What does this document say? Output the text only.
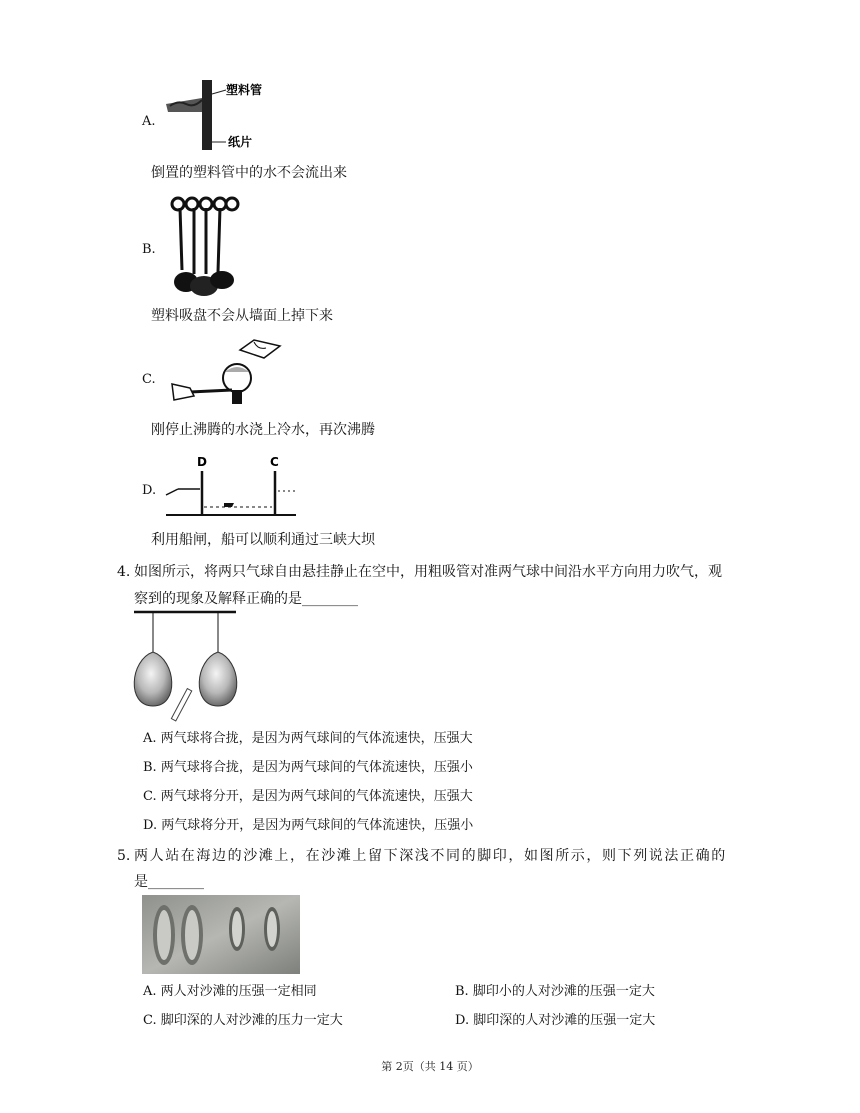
A.
塑料管
纸片
倒置的塑料管中的水不会流出来
B.
塑料吸盘不会从墙面上掉下来
C.
刚停止沸腾的水浇上冷水，再次沸腾
D.
D	C
利用船闸，船可以顺利通过三峡大坝
4. 如图所示，将两只气球自由悬挂静止在空中，用粗吸管对准两气球中间沿水平方向用力吹气，观
察到的现象及解释正确的是________
A. 两气球将合拢，是因为两气球间的气体流速快，压强大
B. 两气球将合拢，是因为两气球间的气体流速快，压强小
C. 两气球将分开，是因为两气球间的气体流速快，压强大
D. 两气球将分开，是因为两气球间的气体流速快，压强小
5. 两人站在海边的沙滩上，在沙滩上留下深浅不同的脚印，如图所示，则下列说法正确的
是________
A. 两人对沙滩的压强一定相同	B. 脚印小的人对沙滩的压强一定大
C. 脚印深的人对沙滩的压力一定大	D. 脚印深的人对沙滩的压强一定大
第 2页（共 14 页）
